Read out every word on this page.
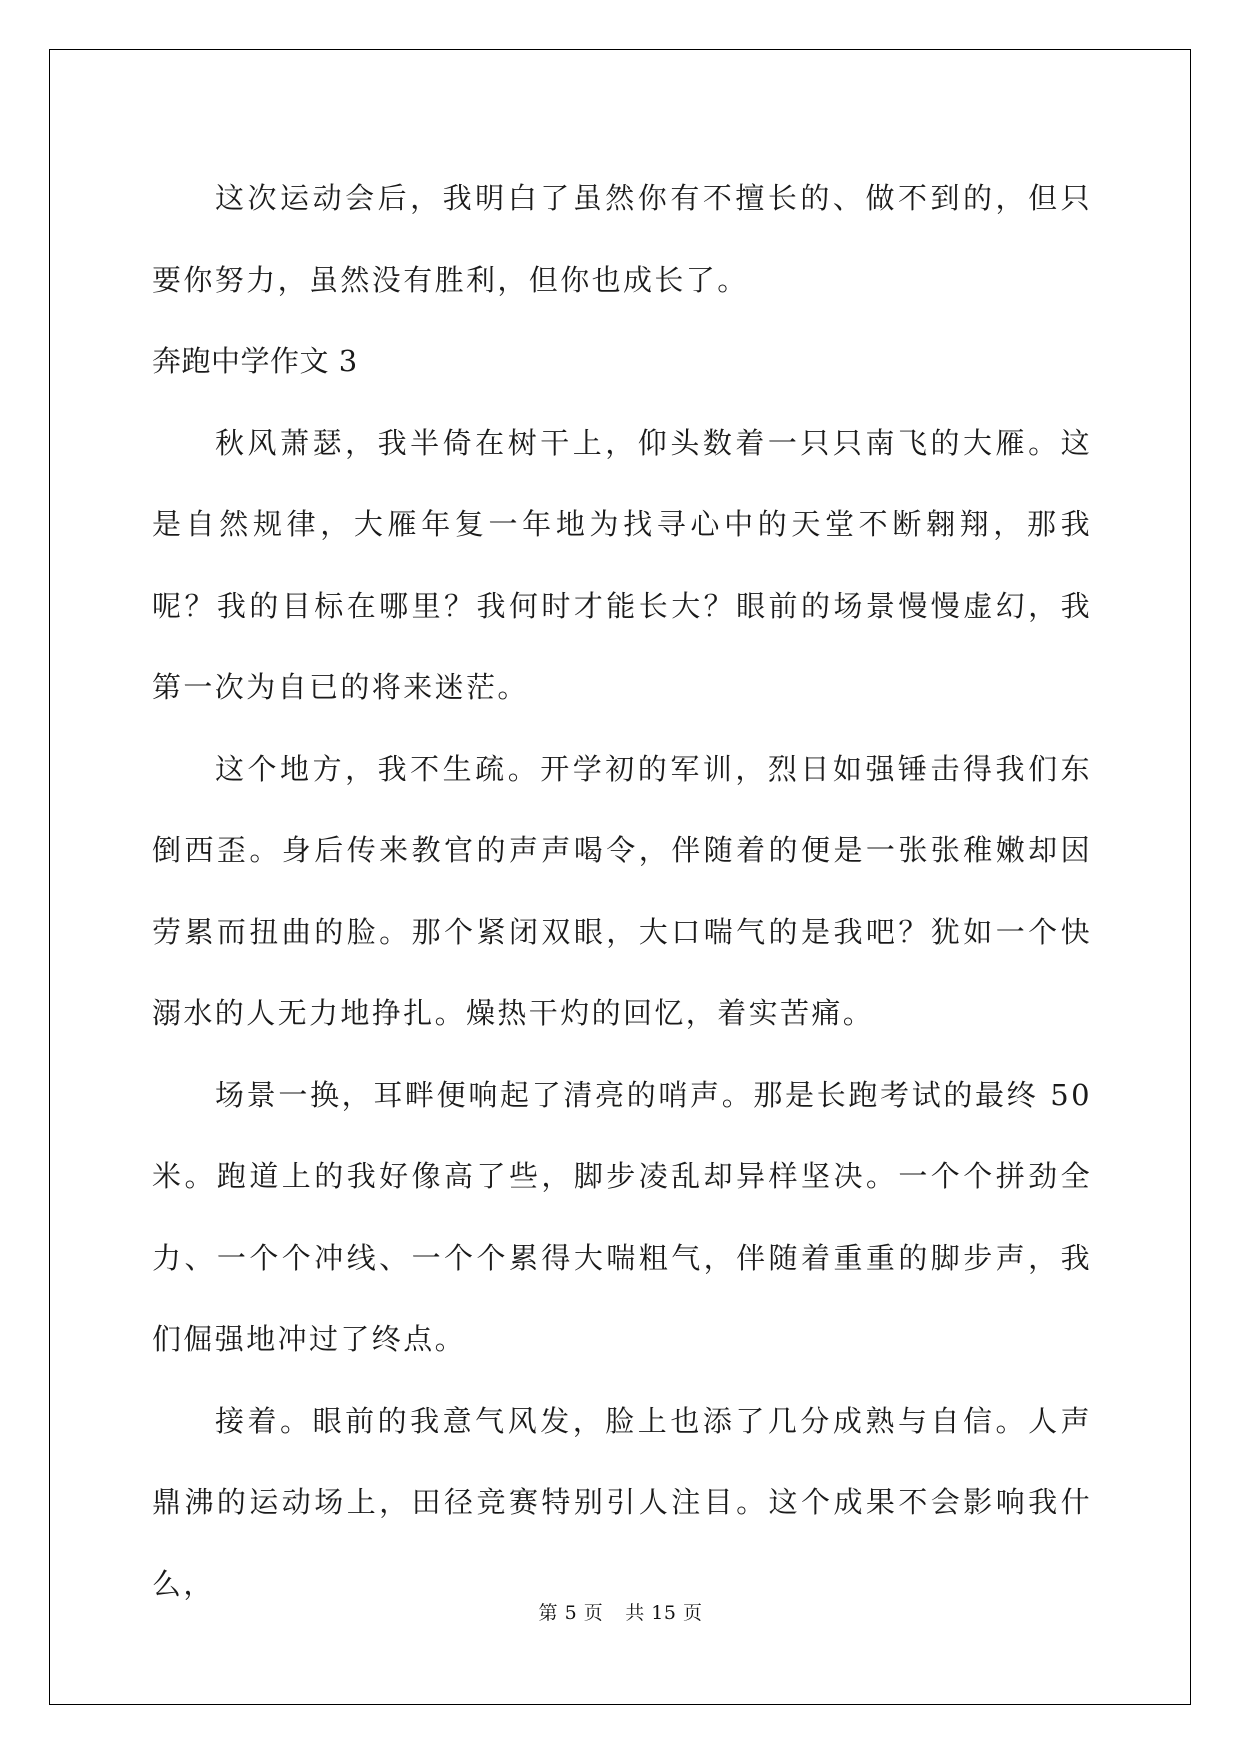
这次运动会后，我明白了虽然你有不擅长的、做不到的，但只要你努力，虽然没有胜利，但你也成长了。

奔跑中学作文 3

秋风萧瑟，我半倚在树干上，仰头数着一只只南飞的大雁。这是自然规律，大雁年复一年地为找寻心中的天堂不断翱翔，那我呢？我的目标在哪里？我何时才能长大？眼前的场景慢慢虚幻，我第一次为自已的将来迷茫。

这个地方，我不生疏。开学初的军训，烈日如强锤击得我们东倒西歪。身后传来教官的声声喝令，伴随着的便是一张张稚嫩却因劳累而扭曲的脸。那个紧闭双眼，大口喘气的是我吧？犹如一个快溺水的人无力地挣扎。燥热干灼的回忆，着实苦痛。

场景一换，耳畔便响起了清亮的哨声。那是长跑考试的最终 50 米。跑道上的我好像高了些，脚步凌乱却异样坚决。一个个拼劲全力、一个个冲线、一个个累得大喘粗气，伴随着重重的脚步声，我们倔强地冲过了终点。

接着。眼前的我意气风发，脸上也添了几分成熟与自信。人声鼎沸的运动场上，田径竞赛特别引人注目。这个成果不会影响我什么，

第 5 页 共 15 页
